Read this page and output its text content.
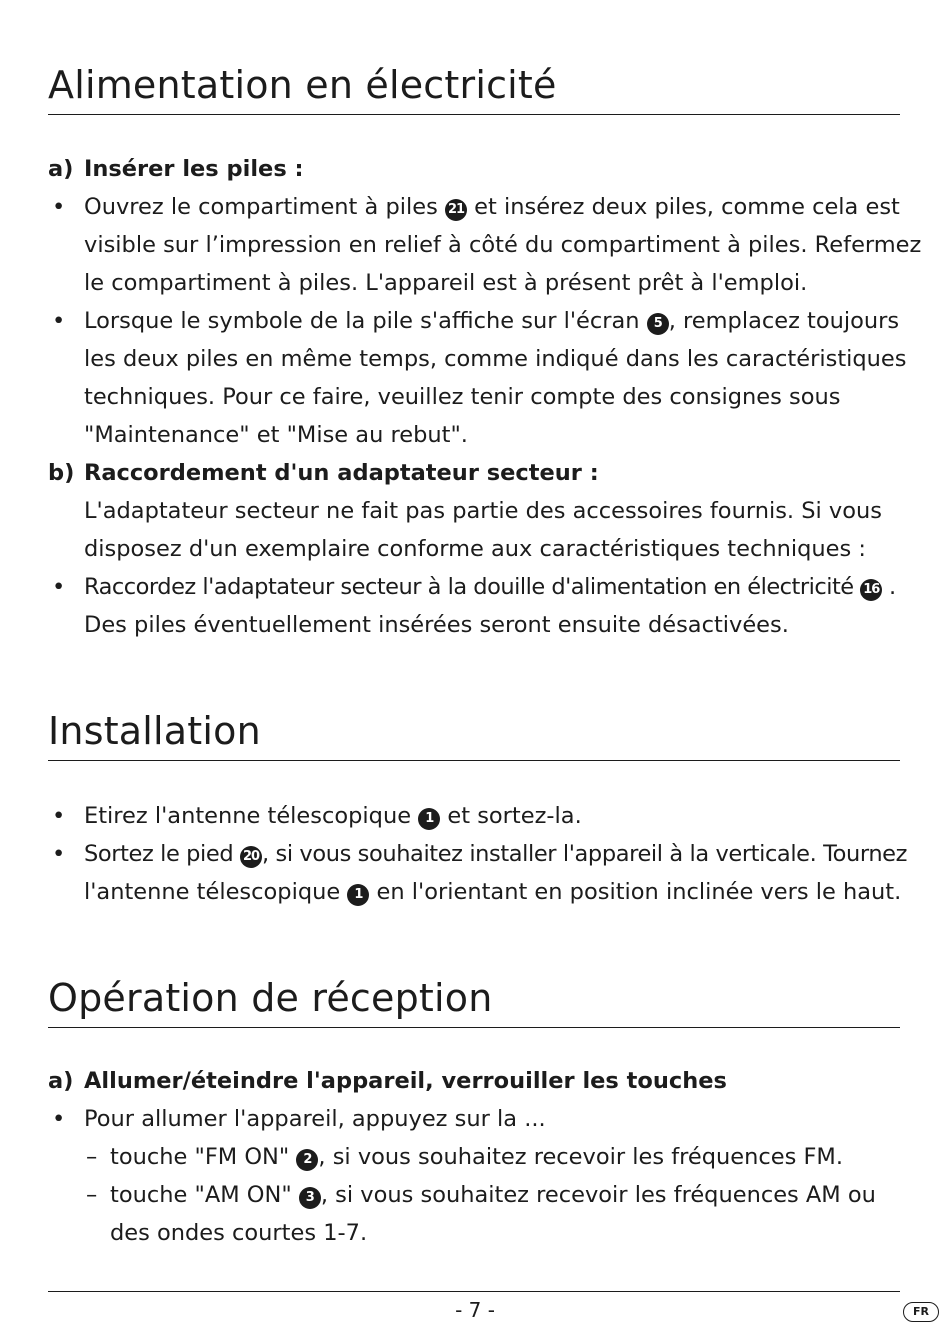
Alimentation en électricité
a) Insérer les piles :
• Ouvrez le compartiment à piles 21 et insérez deux piles, comme cela est
visible sur l’impression en relief à côté du compartiment à piles. Refermez
le compartiment à piles. L'appareil est à présent prêt à l'emploi.
• Lorsque le symbole de la pile s'affiche sur l'écran 5 , remplacez toujours
les deux piles en même temps, comme indiqué dans les caractéristiques
techniques. Pour ce faire, veuillez tenir compte des consignes sous
"Maintenance" et "Mise au rebut".
b) Raccordement d'un adaptateur secteur :
L'adaptateur secteur ne fait pas partie des accessoires fournis. Si vous
disposez d'un exemplaire conforme aux caractéristiques techniques :
• Raccordez l'adaptateur secteur à la douille d'alimentation en électricité 16 .
Des piles éventuellement insérées seront ensuite désactivées.
Installation
• Etirez l'antenne télescopique 1 et sortez-la.
• Sortez le pied 20 , si vous souhaitez installer l'appareil à la verticale. Tournez
l'antenne télescopique 1 en l'orientant en position inclinée vers le haut.
Opération de réception
a) Allumer/éteindre l'appareil, verrouiller les touches
• Pour allumer l'appareil, appuyez sur la ...
– touche "FM ON" 2 , si vous souhaitez recevoir les fréquences FM.
– touche "AM ON" 3 , si vous souhaitez recevoir les fréquences AM ou
des ondes courtes 1-7.
- 7 -	FR
